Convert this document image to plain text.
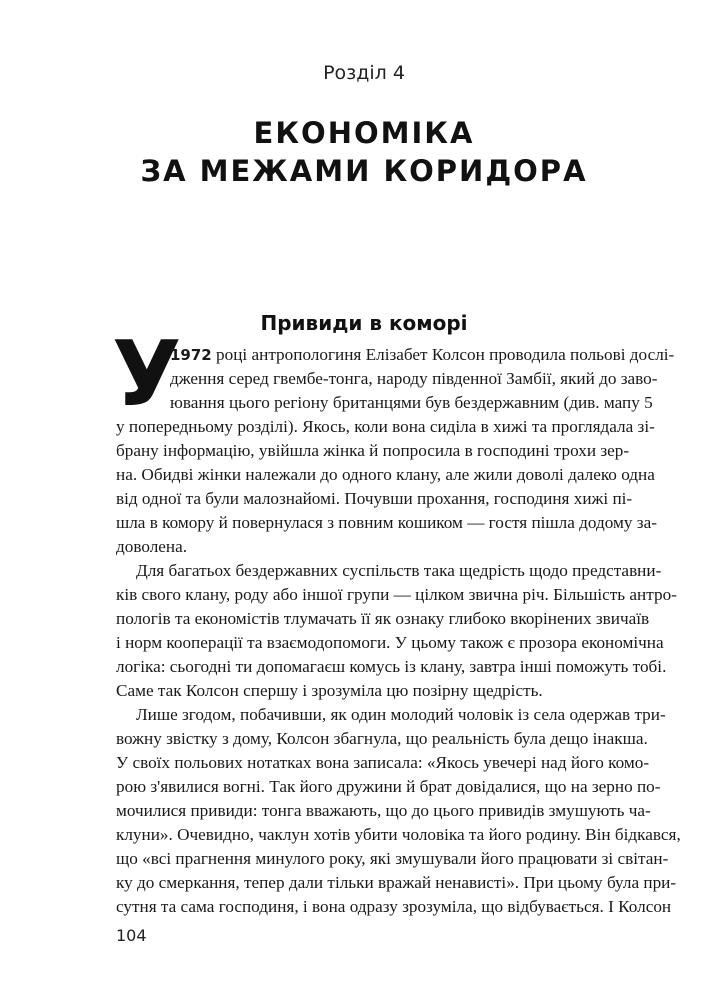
Розділ 4
ЕКОНОМІКА
ЗА МЕЖАМИ КОРИДОРА
Привиди в коморі
У
1972 році антропологиня Елізабет Колсон проводила польові дослі-
дження серед гвембе-тонга, народу південної Замбії, який до заво-
ювання цього регіону британцями був бездержавним (див. мапу 5
у попередньому розділі). Якось, коли вона сиділа в хижі та проглядала зі-
брану інформацію, увійшла жінка й попросила в господині трохи зер-
на. Обидві жінки належали до одного клану, але жили доволі далеко одна
від одної та були малознайомі. Почувши прохання, господиня хижі пі-
шла в комору й повернулася з повним кошиком — гостя пішла додому за-
доволена.
Для багатьох бездержавних суспільств така щедрість щодо представни-
ків свого клану, роду або іншої групи — цілком звична річ. Більшість антро-
пологів та економістів тлумачать її як ознаку глибоко вкорінених звичаїв
і норм кооперації та взаємодопомоги. У цьому також є прозора економічна
логіка: сьогодні ти допомагаєш комусь із клану, завтра інші поможуть тобі.
Саме так Колсон спершу і зрозуміла цю позірну щедрість.
Лише згодом, побачивши, як один молодий чоловік із села одержав три-
вожну звістку з дому, Колсон збагнула, що реальність була дещо інакша.
У своїх польових нотатках вона записала: «Якось увечері над його комо-
рою з'явилися вогні. Так його дружини й брат довідалися, що на зерно по-
мочилися привиди: тонга вважають, що до цього привидів змушують ча-
клуни». Очевидно, чаклун хотів убити чоловіка та його родину. Він бідкався,
що «всі прагнення минулого року, які змушували його працювати зі світан-
ку до смеркання, тепер дали тільки вражай ненависті». При цьому була при-
сутня та сама господиня, і вона одразу зрозуміла, що відбувається. І Колсон
104
